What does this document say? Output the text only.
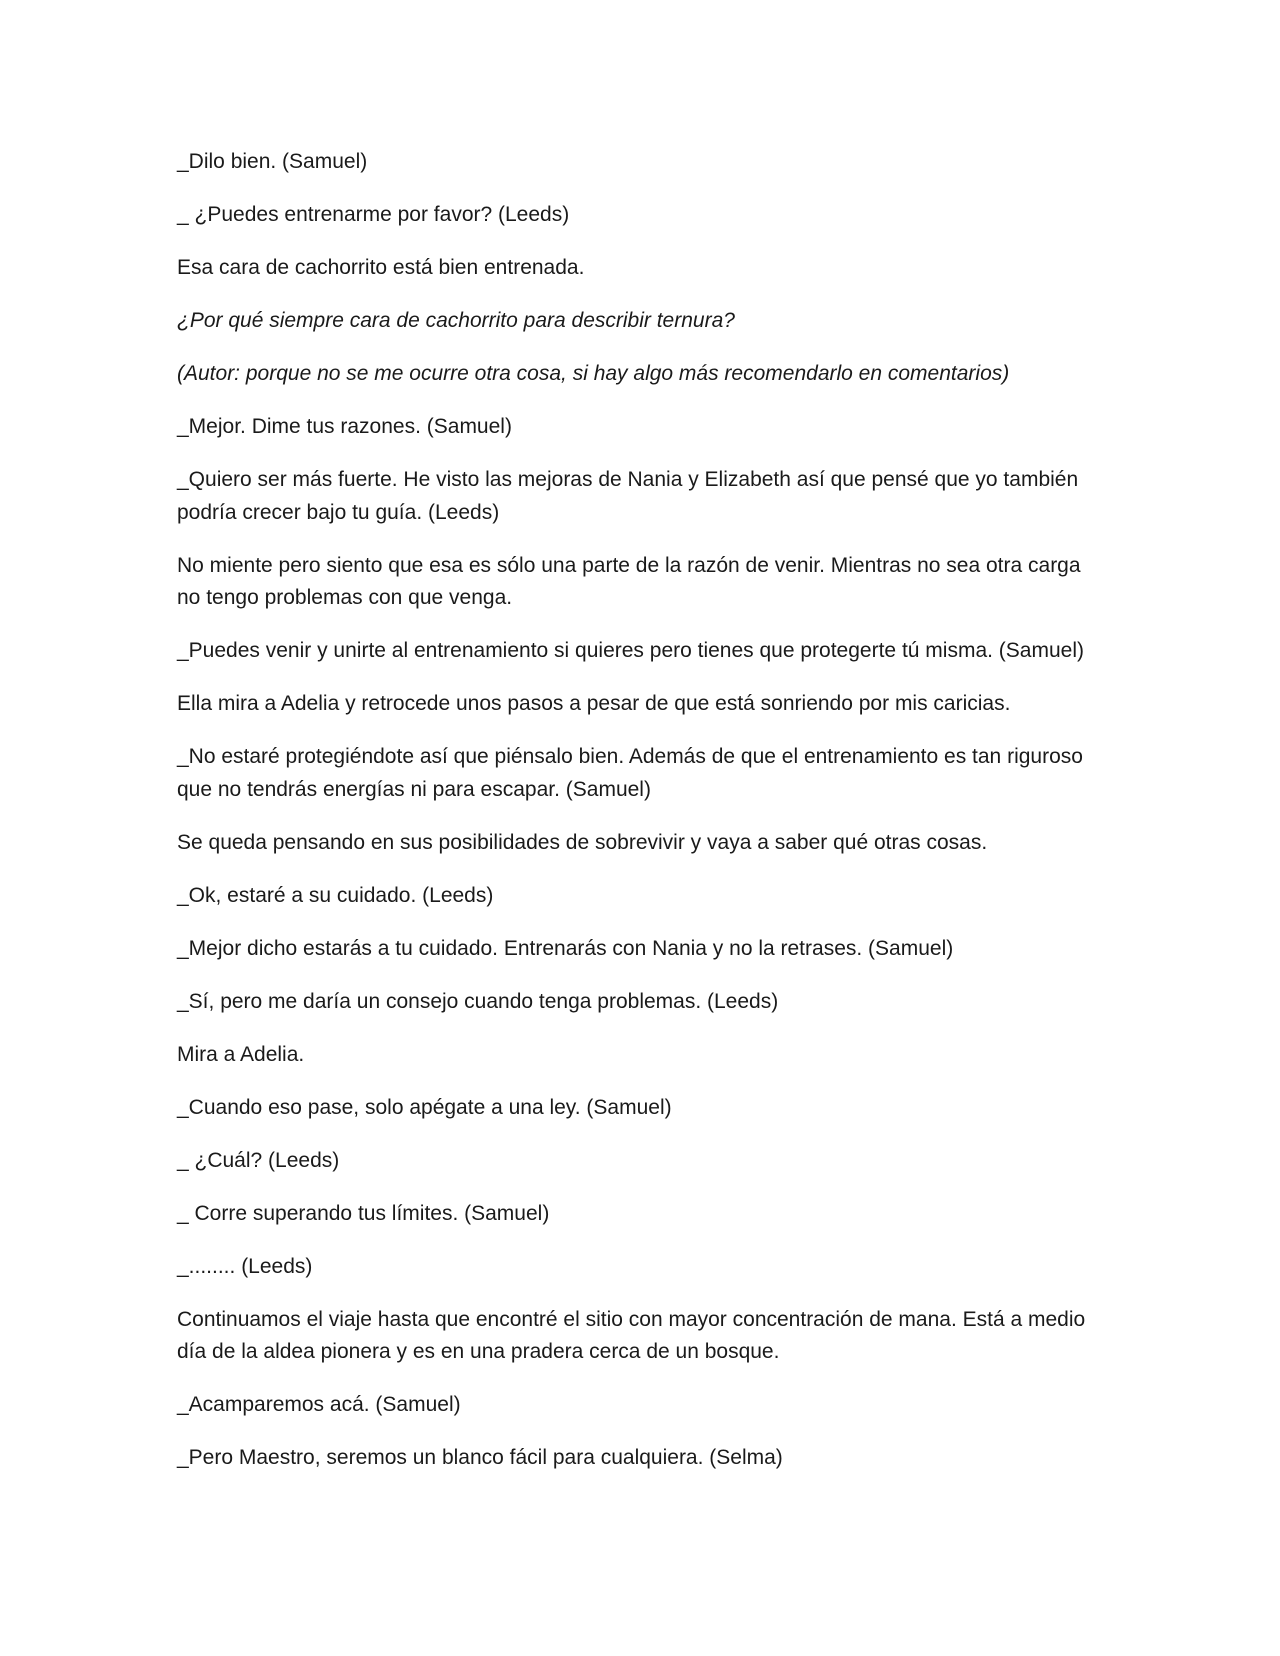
_Dilo bien. (Samuel)

_ ¿Puedes entrenarme por favor? (Leeds)

Esa cara de cachorrito está bien entrenada.

¿Por qué siempre cara de cachorrito para describir ternura?

(Autor: porque no se me ocurre otra cosa, si hay algo más recomendarlo en comentarios)

_Mejor. Dime tus razones. (Samuel)

_Quiero ser más fuerte. He visto las mejoras de Nania y Elizabeth así que pensé que yo también podría crecer bajo tu guía. (Leeds)

No miente pero siento que esa es sólo una parte de la razón de venir. Mientras no sea otra carga no tengo problemas con que venga.

_Puedes venir y unirte al entrenamiento si quieres pero tienes que protegerte tú misma. (Samuel)

Ella mira a Adelia y retrocede unos pasos a pesar de que está sonriendo por mis caricias.

_No estaré protegiéndote así que piénsalo bien. Además de que el entrenamiento es tan riguroso que no tendrás energías ni para escapar. (Samuel)

Se queda pensando en sus posibilidades de sobrevivir y vaya a saber qué otras cosas.

_Ok, estaré a su cuidado. (Leeds)

_Mejor dicho estarás a tu cuidado. Entrenarás con Nania y no la retrases. (Samuel)

_Sí, pero me daría un consejo cuando tenga problemas. (Leeds)

Mira a Adelia.

_Cuando eso pase, solo apégate a una ley. (Samuel)

_ ¿Cuál? (Leeds)

_ Corre superando tus límites. (Samuel)

_........ (Leeds)

Continuamos el viaje hasta que encontré el sitio con mayor concentración de mana. Está a medio día de la aldea pionera y es en una pradera cerca de un bosque.

_Acamparemos acá. (Samuel)

_Pero Maestro, seremos un blanco fácil para cualquiera. (Selma)
